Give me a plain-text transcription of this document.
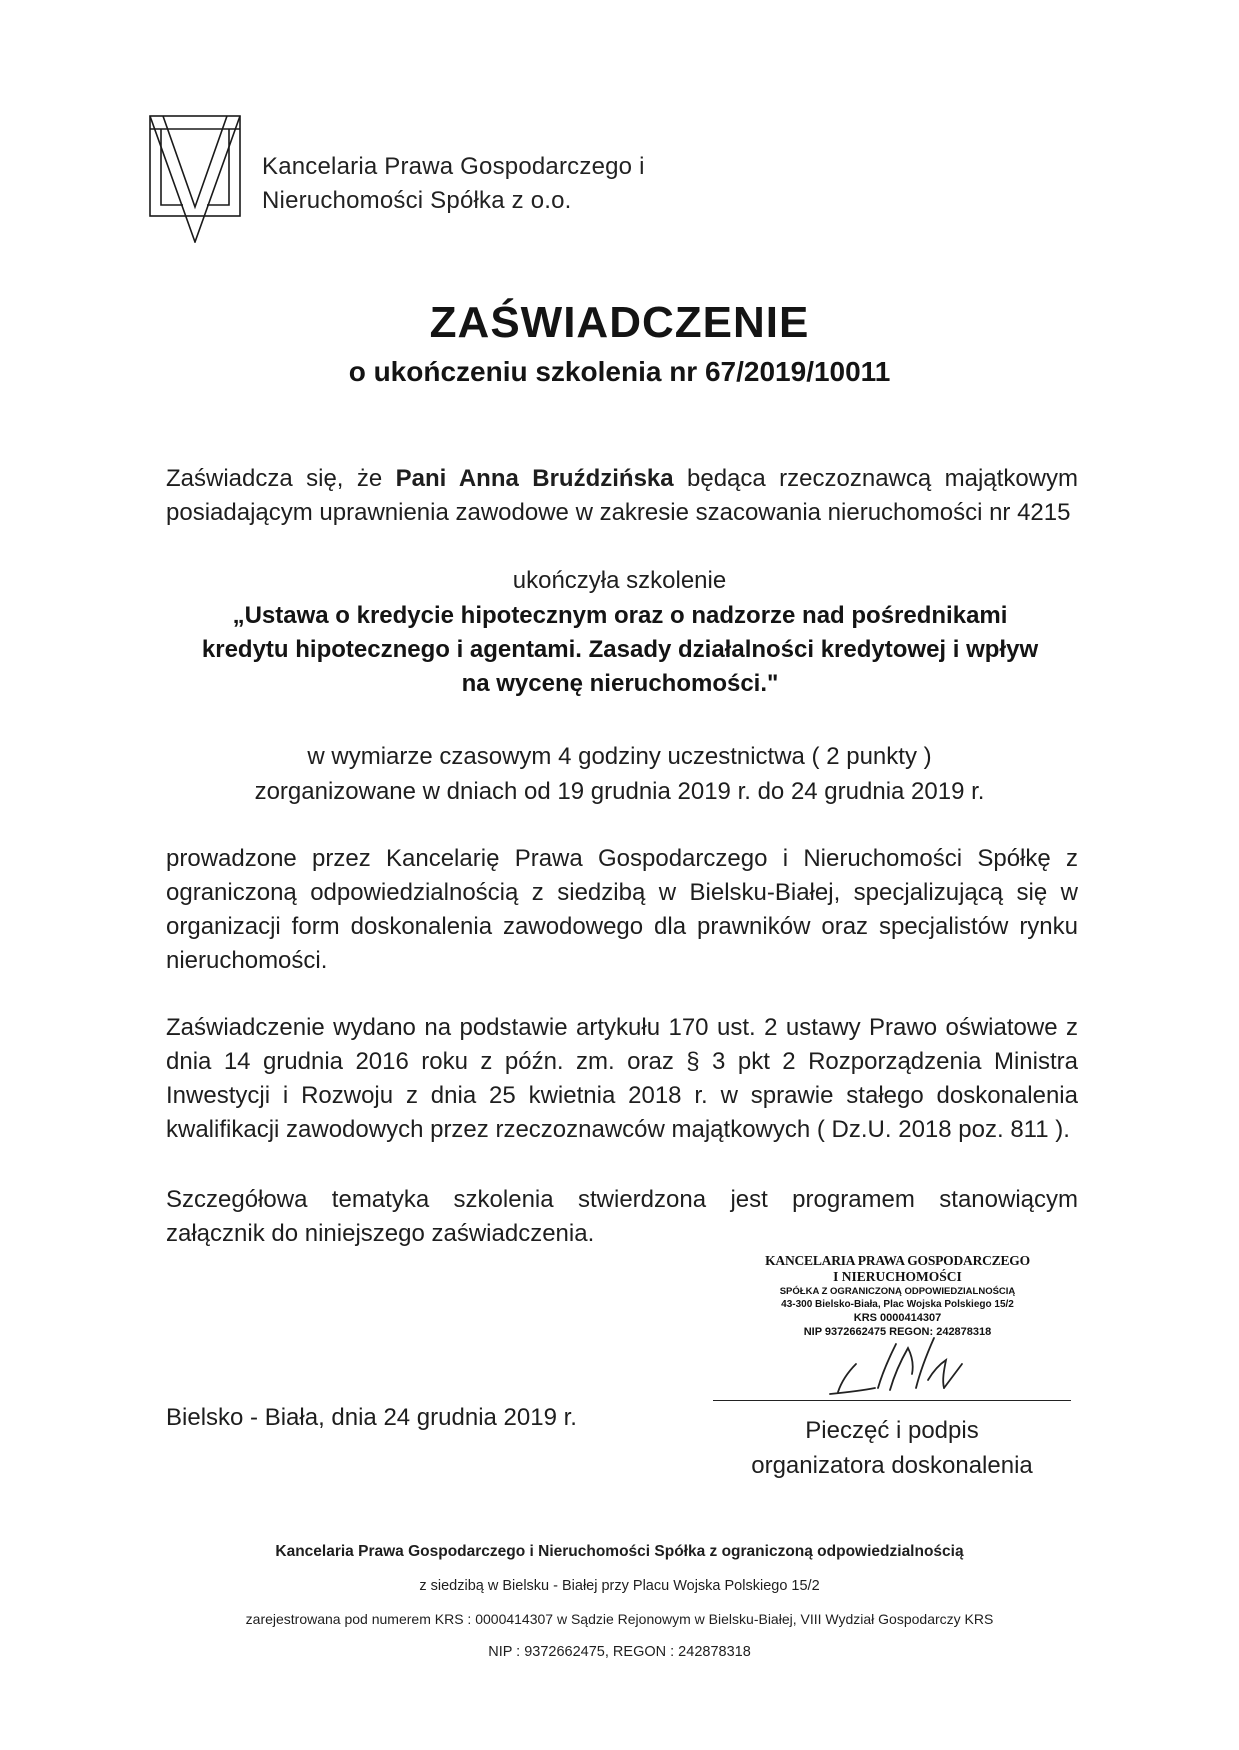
Kancelaria Prawa Gospodarczego i
Nieruchomości Spółka z o.o.
ZAŚWIADCZENIE
o ukończeniu szkolenia nr 67/2019/10011
Zaświadcza się, że Pani Anna Bruździńska będąca rzeczoznawcą majątkowym posiadającym uprawnienia zawodowe w zakresie szacowania nieruchomości nr 4215
ukończyła szkolenie
„Ustawa o kredycie hipotecznym oraz o nadzorze nad pośrednikami kredytu hipotecznego i agentami. Zasady działalności kredytowej i wpływ na wycenę nieruchomości."
w wymiarze czasowym 4 godziny uczestnictwa ( 2 punkty )
zorganizowane w dniach od 19 grudnia 2019 r. do 24 grudnia 2019 r.
prowadzone przez Kancelarię Prawa Gospodarczego i Nieruchomości Spółkę z ograniczoną odpowiedzialnością z siedzibą w Bielsku-Białej, specjalizującą się w organizacji form doskonalenia zawodowego dla prawników oraz specjalistów rynku nieruchomości.
Zaświadczenie wydano na podstawie artykułu 170 ust. 2 ustawy Prawo oświatowe z dnia 14 grudnia 2016 roku z późn. zm. oraz § 3 pkt 2 Rozporządzenia Ministra Inwestycji i Rozwoju z dnia 25 kwietnia 2018 r. w sprawie stałego doskonalenia kwalifikacji zawodowych przez rzeczoznawców majątkowych ( Dz.U. 2018 poz. 811 ).
Szczegółowa tematyka szkolenia stwierdzona jest programem stanowiącym
załącznik do niniejszego zaświadczenia.
KANCELARIA PRAWA GOSPODARCZEGO
I NIERUCHOMOŚCI
SPÓŁKA Z OGRANICZONĄ ODPOWIEDZIALNOŚCIĄ
43-300 Bielsko-Biała, Plac Wojska Polskiego 15/2
KRS 0000414307
NIP 9372662475 REGON: 242878318
Pieczęć i podpis
organizatora doskonalenia
Bielsko - Biała, dnia 24 grudnia 2019 r.
Kancelaria Prawa Gospodarczego i Nieruchomości Spółka z ograniczoną odpowiedzialnością
z siedzibą w Bielsku - Białej przy Placu Wojska Polskiego 15/2
zarejestrowana pod numerem KRS : 0000414307 w Sądzie Rejonowym w Bielsku-Białej, VIII Wydział Gospodarczy KRS
NIP : 9372662475, REGON : 242878318
